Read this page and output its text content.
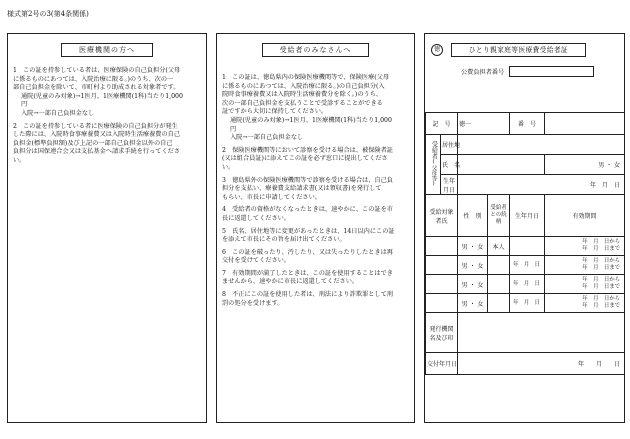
様式第2号の3(第4条関係)
医療機関の方へ

1　この証を持参している者は、医療保険の自己負担分(父母

に係るものにあつては、入院治療に限る。)のうち、次の一

部自己負担金を除いて、市町村より助成される対象者です。

通院(児童のみ対象)→1医月、1医療機関(1科)当たり1,000

円

入院→一部自己負担金なし

2　この証を持参している者に医療保険の自己負担分が発生

した際には、入院時食事療養費又は入院時生活療養費の自己

負担金(標準負担額)及び上記の一部自己負担金以外の自己

負担分は国保連合会又は支払基金へ請求手続を行ってくださ

い。

受給者のみなさんへ

1　この証は、徳島県内の保険医療機関等で、保険医療(父母

に係るものにあつては、入院治療に限る。)の自己負担分(入

院時食事療養費又は入院時生活療養費分を除く。)のうち、

次の一部自己負担金を支払うことで受診することができる

証ですから大切に保持してください。

通院(児童のみ対象)→1医月、1医療機関(1科)当たり1,000

円

入院→一部自己負担金なし

2　保険医療機関等において診察を受ける場合は、被保険者証

(又は組合員証)に添えてこの証を必ず窓口に提出してくださ

い。

3　徳島県外の保険医療機関等で診察を受ける場合は、自己負

担分を支払い、療養費支給請求書(又は領収書)を発行して

もらい、市長に申請してください。

4　受給者の資格がなくなったときは、速やかに、この証を市

長に返還してください。

5　氏名、居住地等に変更があったときは、14日以内にこの証

を添えて市長にその旨を届け出てください。

6　この証を破ったり、汚したり、又は失ったりしたときは再

交付を受けてください。

7　有効期間が満了したときは、この証を使用することはでき

ませんから、速やかに市長に返還してください。

8　不正にこの証を使用した者は、刑法により詐欺罪として刑

罰の処分を受けます。

徳	ひとり親家庭等医療費受給者証
公費負担者番号
記　号		徳一		番　号	
受給者(父母等)	居住地				
	氏　名				男 ・ 女
	生年月日	年　月　日			
受給対象者氏		性　別	受給者との続柄	生年月日	有効期間
		男 ・ 女	本人		年　月　日から
年　月　日まで

		男 ・ 女		年　月　日	年　月　日から
年　月　日まで

		男 ・ 女		年　月　日	年　月　日から
年　月　日まで

		男 ・ 女		年　月　日	年　月　日から
年　月　日まで

発行機関名及び印					
交付年月日		年　　月　　日			
